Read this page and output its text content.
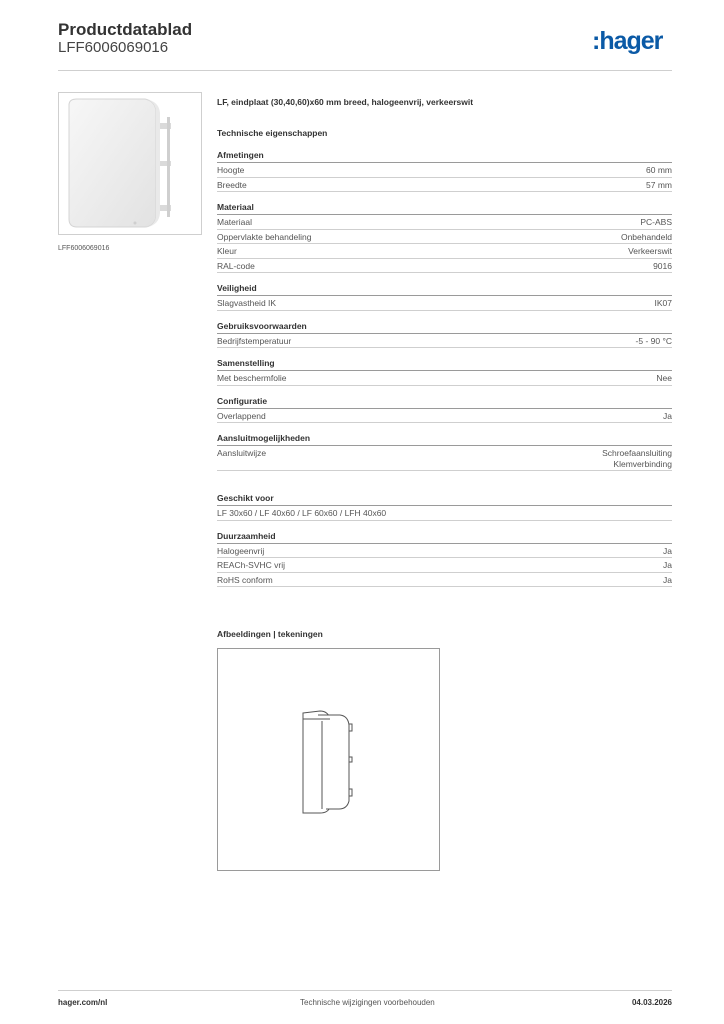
Productdatablad
LFF6006069016	:hager
LFF6006069016
LF, eindplaat (30,40,60)x60 mm breed, halogeenvrij, verkeerswit
Technische eigenschappen
Afmetingen
Hoogte	60 mm
Breedte	57 mm
Materiaal
Materiaal	PC-ABS
Oppervlakte behandeling	Onbehandeld
Kleur	Verkeerswit
RAL-code	9016
Veiligheid
Slagvastheid IK	IK07
Gebruiksvoorwaarden
Bedrijfstemperatuur	-5 - 90 °C
Samenstelling
Met beschermfolie	Nee
Configuratie
Overlappend	Ja
Aansluitmogelijkheden
Aansluitwijze	Schroefaansluiting
Klemverbinding
Geschikt voor
LF 30x60 / LF 40x60 / LF 60x60 / LFH 40x60
Duurzaamheid
Halogeenvrij	Ja
REACh-SVHC vrij	Ja
RoHS conform	Ja
Afbeeldingen | tekeningen
hager.com/nl	Technische wijzigingen voorbehouden	04.03.2026
